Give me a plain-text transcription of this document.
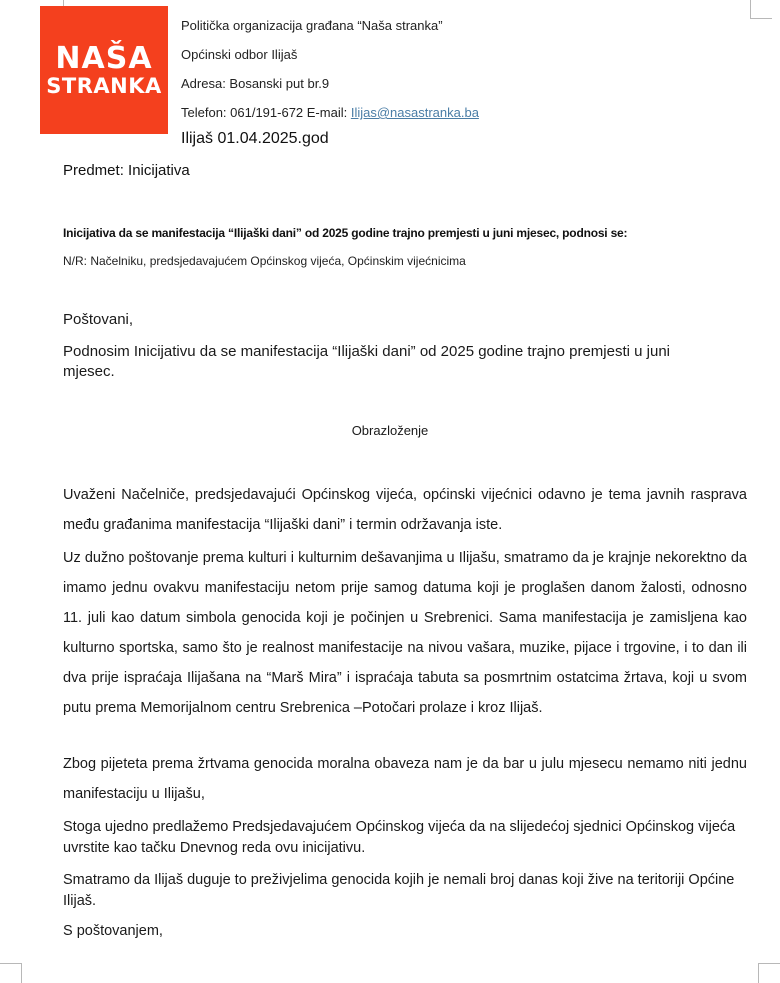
NAŠA
STRANKA
Politička organizacija građana “Naša stranka”
Općinski odbor Ilijaš
Adresa: Bosanski put br.9
Telefon: 061/191-672 E-mail: Ilijas@nasastranka.ba
Ilijaš 01.04.2025.god
Predmet: Inicijativa
Inicijativa da se manifestacija “Ilijaški dani” od 2025 godine trajno premjesti u juni mjesec, podnosi se:
N/R: Načelniku, predsjedavajućem Općinskog vijeća, Općinskim vijećnicima
Poštovani,
Podnosim Inicijativu da se manifestacija “Ilijaški dani” od 2025 godine trajno premjesti u juni mjesec.
Obrazloženje
Uvaženi Načelniče, predsjedavajući Općinskog vijeća, općinski vijećnici odavno je tema javnih rasprava među građanima manifestacija “Ilijaški dani” i termin održavanja iste.
Uz dužno poštovanje prema kulturi i kulturnim dešavanjima u Ilijašu, smatramo da je krajnje nekorektno da imamo jednu ovakvu manifestaciju netom prije samog datuma koji je proglašen danom žalosti, odnosno 11. juli kao datum simbola genocida koji je počinjen u Srebrenici. Sama manifestacija je zamisljena kao kulturno sportska, samo što je realnost manifestacije na nivou vašara, muzike, pijace i trgovine, i to dan ili dva prije ispraćaja Ilijašana na “Marš Mira” i ispraćaja tabuta sa posmrtnim ostatcima žrtava, koji u svom putu prema Memorijalnom centru Srebrenica –Potočari prolaze i kroz Ilijaš.
Zbog pijeteta prema žrtvama genocida moralna obaveza nam je da bar u julu mjesecu nemamo niti jednu manifestaciju u Ilijašu,
Stoga ujedno predlažemo Predsjedavajućem Općinskog vijeća da na slijedećoj sjednici Općinskog vijeća uvrstite kao tačku Dnevnog reda ovu inicijativu.
Smatramo da Ilijaš duguje to preživjelima genocida kojih je nemali broj danas koji žive na teritoriji Općine Ilijaš.
S poštovanjem,
